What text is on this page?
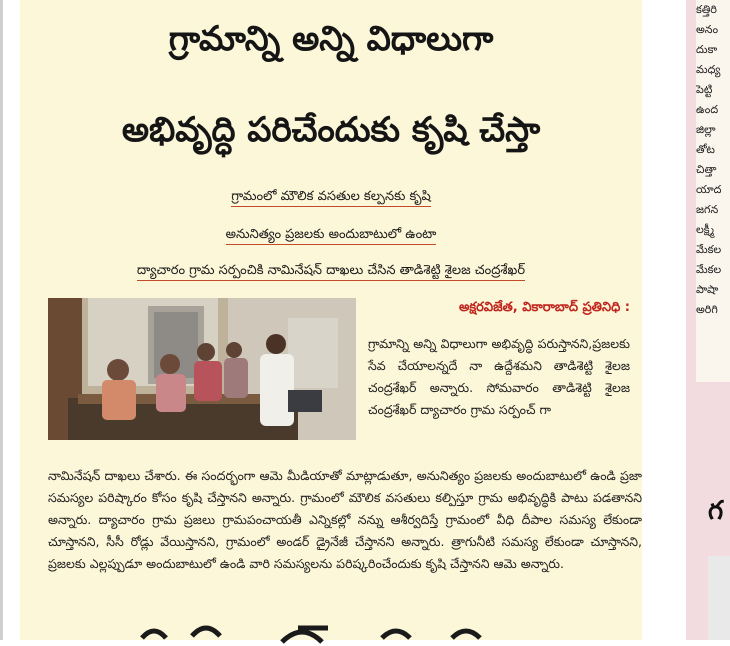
గ్రామాన్ని అన్ని విధాలుగా
అభివృద్ధి పరిచేందుకు కృషి చేస్తా
గ్రామంలో మౌలిక వసతుల కల్పనకు కృషి
అనునిత్యం ప్రజలకు అందుబాటులో ఉంటా
ద్యాచారం గ్రామ సర్పంచికి నామినేషన్ దాఖలు చేసిన తాడిశెట్టి శైలజ చంద్రశేఖర్
అక్షరవిజేత, వికారాబాద్ ప్రతినిధి :

గ్రామాన్ని అన్ని విధాలుగా అభివృద్ధి పరుస్తానని,ప్రజలకు సేవ చేయాలన్నదే నా ఉద్దేశమని తాడిశెట్టి శైలజ చంద్రశేఖర్ అన్నారు. సోమవారం తాడిశెట్టి శైలజ చంద్రశేఖర్ ద్యాచారం గ్రామ సర్పంచ్ గా

నామినేషన్ దాఖలు చేశారు. ఈ సందర్భంగా ఆమె మీడియాతో మాట్లాడుతూ, అనునిత్యం ప్రజలకు అందుబాటులో ఉండి ప్రజా సమస్యల పరిష్కారం కోసం కృషి చేస్తానని అన్నారు. గ్రామంలో మౌలిక వసతులు కల్పిస్తూ గ్రామ అభివృద్ధికి పాటు పడతానని అన్నారు. ద్యాచారం గ్రామ ప్రజలు గ్రామపంచాయతీ ఎన్నికల్లో నన్ను ఆశీర్వదిస్తే గ్రామంలో వీధి దీపాల సమస్య లేకుండా చూస్తానని, సీసీ రోడ్లు వేయిస్తానని, గ్రామంలో అండర్ డ్రైనేజీ చేస్తానని అన్నారు. త్రాగునీటి సమస్య లేకుండా చూస్తానని, ప్రజలకు ఎల్లప్పుడూ అందుబాటులో ఉండి వారి సమస్యలను పరిష్కరించేందుకు కృషి చేస్తానని ఆమె అన్నారు.

కత్తిరి
అనం
దుకా
మధ్య
పెట్టి
ఉంద
జిల్లా
తోట
చిత్తా
యాద
జగన
లక్ష్మీ
మేకల
మేకల
పాషా
అరిగి
గ
